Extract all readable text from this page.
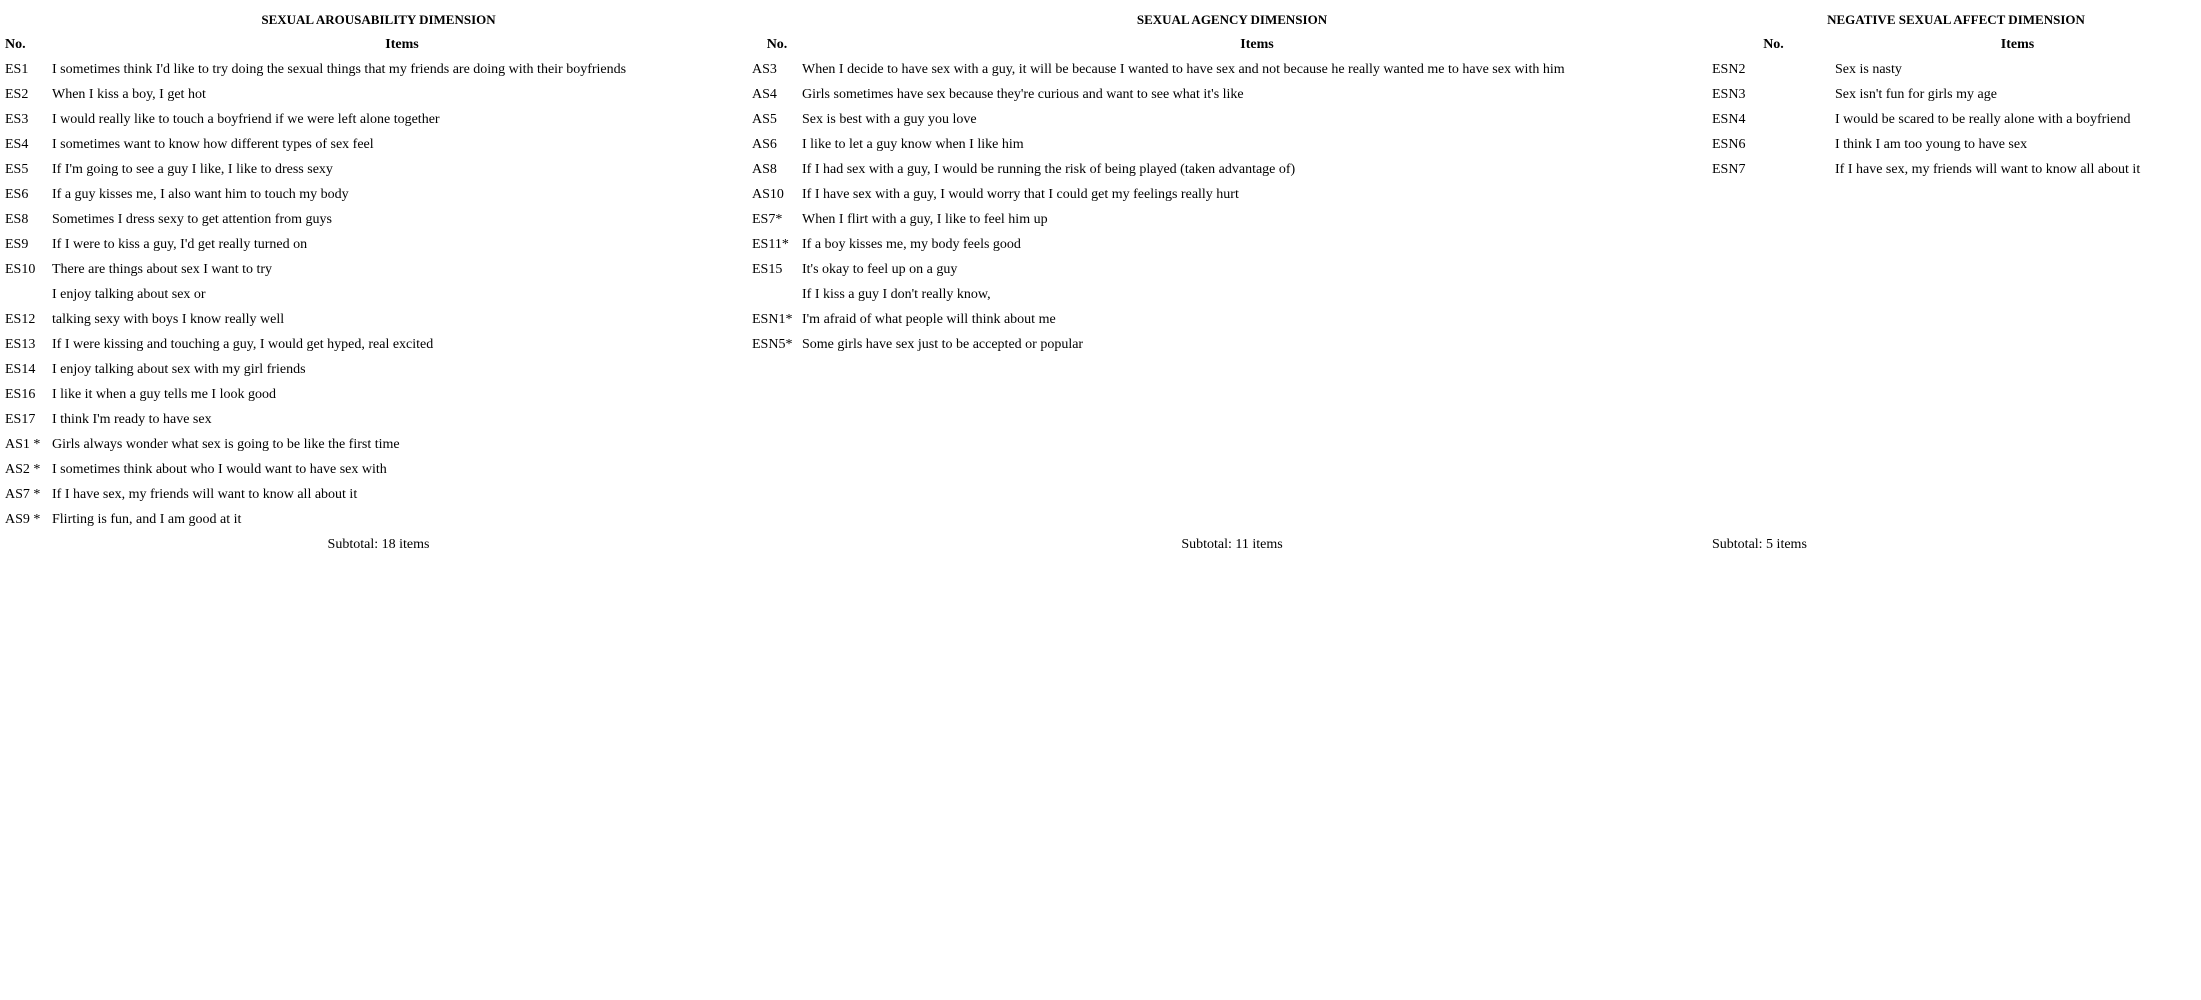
SEXUAL AROUSABILITY DIMENSION		SEXUAL AGENCY DIMENSION		NEGATIVE SEXUAL AFFECT DIMENSION	
No.	Items	No.	Items	No.	Items
ES1	I sometimes think I'd like to try doing the sexual things that my friends are doing with their boyfriends	AS3	When I decide to have sex with a guy, it will be because I wanted to have sex and not because he really wanted me to have sex with him	ESN2	Sex is nasty
ES2	When I kiss a boy, I get hot	AS4	Girls sometimes have sex because they're curious and want to see what it's like	ESN3	Sex isn't fun for girls my age
ES3	I would really like to touch a boyfriend if we were left alone together	AS5	Sex is best with a guy you love	ESN4	I would be scared to be really alone with a boyfriend
ES4	I sometimes want to know how different types of sex feel	AS6	I like to let a guy know when I like him	ESN6	I think I am too young to have sex
ES5	If I'm going to see a guy I like, I like to dress sexy	AS8	If I had sex with a guy, I would be running the risk of being played (taken advantage of)	ESN7	If I have sex, my friends will want to know all about it
ES6	If a guy kisses me, I also want him to touch my body	AS10	If I have sex with a guy, I would worry that I could get my feelings really hurt		
ES8	Sometimes I dress sexy to get attention from guys	ES7*	When I flirt with a guy, I like to feel him up		
ES9	If I were to kiss a guy, I'd get really turned on	ES11*	If a boy kisses me, my body feels good		
ES10	There are things about sex I want to try	ES15	It's okay to feel up on a guy		
	I enjoy talking about sex or		If I kiss a guy I don't really know,		
ES12	talking sexy with boys I know really well	ESN1*	I'm afraid of what people will think about me		
ES13	If I were kissing and touching a guy, I would get hyped, real excited	ESN5*	Some girls have sex just to be accepted or popular		
ES14	I enjoy talking about sex with my girl friends				
ES16	I like it when a guy tells me I look good				
ES17	I think I'm ready to have sex				
AS1 *	Girls always wonder what sex is going to be like the first time				
AS2 *	I sometimes think about who I would want to have sex with				
AS7 *	If I have sex, my friends will want to know all about it				
AS9 *	Flirting is fun, and I am good at it				
Subtotal: 18 items		Subtotal: 11 items		Subtotal: 5 items	
